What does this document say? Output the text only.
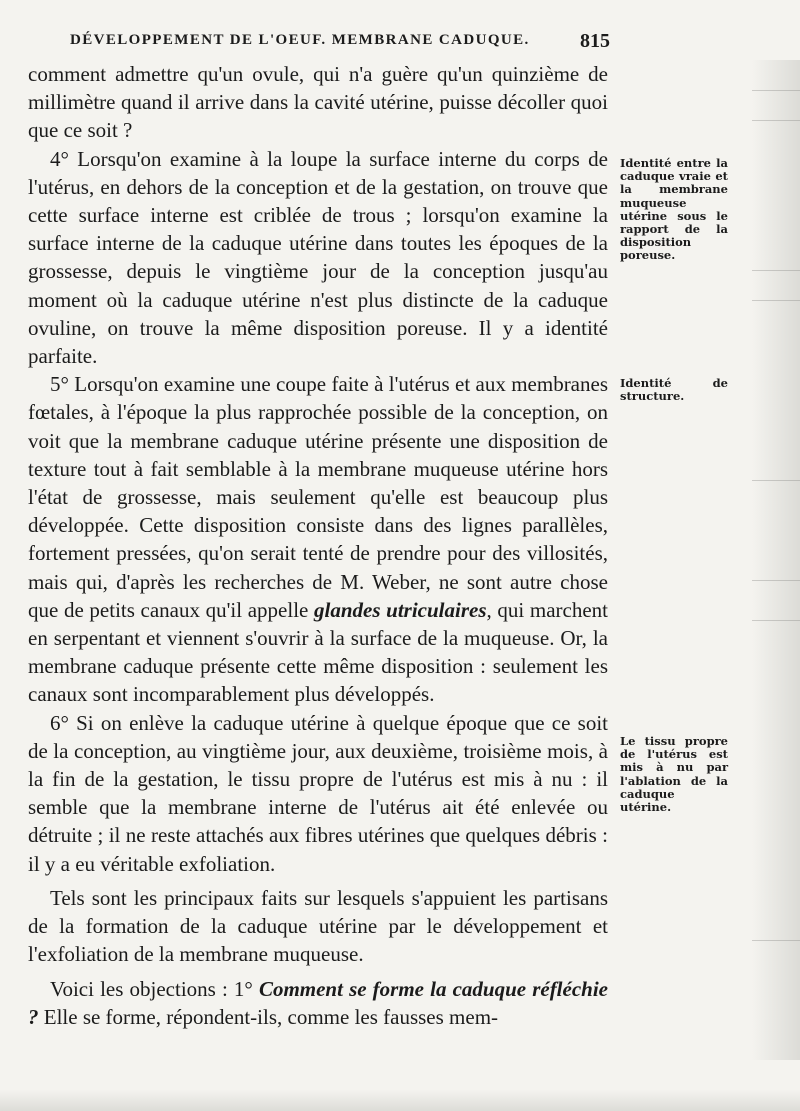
DÉVELOPPEMENT DE L'OEUF. MEMBRANE CADUQUE.	815

comment admettre qu'un ovule, qui n'a guère qu'un quinzième de millimètre quand il arrive dans la cavité utérine, puisse décoller quoi que ce soit ?

4° Lorsqu'on examine à la loupe la surface interne du corps de l'utérus, en dehors de la conception et de la gestation, on trouve que cette surface interne est criblée de trous ; lorsqu'on examine la surface interne de la caduque utérine dans toutes les époques de la grossesse, depuis le vingtième jour de la conception jusqu'au moment où la caduque utérine n'est plus distincte de la caduque ovuline, on trouve la même disposition poreuse. Il y a identité parfaite.

5° Lorsqu'on examine une coupe faite à l'utérus et aux membranes fœtales, à l'époque la plus rapprochée possible de la conception, on voit que la membrane caduque utérine présente une disposition de texture tout à fait semblable à la membrane muqueuse utérine hors l'état de grossesse, mais seulement qu'elle est beaucoup plus développée. Cette disposition consiste dans des lignes parallèles, fortement pressées, qu'on serait tenté de prendre pour des villosités, mais qui, d'après les recherches de M. Weber, ne sont autre chose que de petits canaux qu'il appelle glandes utriculaires, qui marchent en serpentant et viennent s'ouvrir à la surface de la muqueuse. Or, la membrane caduque présente cette même disposition : seulement les canaux sont incomparablement plus développés.

6° Si on enlève la caduque utérine à quelque époque que ce soit de la conception, au vingtième jour, aux deuxième, troisième mois, à la fin de la gestation, le tissu propre de l'utérus est mis à nu : il semble que la membrane interne de l'utérus ait été enlevée ou détruite ; il ne reste attachés aux fibres utérines que quelques débris : il y a eu véritable exfoliation.

Tels sont les principaux faits sur lesquels s'appuient les partisans de la formation de la caduque utérine par le développement et l'exfoliation de la membrane muqueuse.

Voici les objections : 1° Comment se forme la caduque réfléchie ? Elle se forme, répondent-ils, comme les fausses mem-

Identité entre la caduque vraie et la membrane muqueuse utérine sous le rapport de la disposition poreuse.
Identité de structure.
Le tissu propre de l'utérus est mis à nu par l'ablation de la caduque utérine.
